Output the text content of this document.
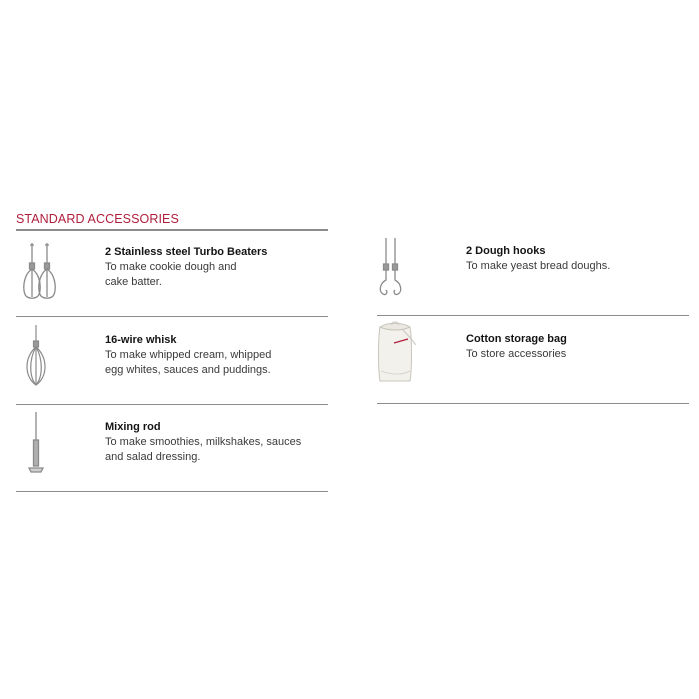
STANDARD ACCESSORIES
2 Stainless steel Turbo Beaters
To make cookie dough and
cake batter.
16-wire whisk
To make whipped cream, whipped
egg whites, sauces and puddings.
Mixing rod
To make smoothies, milkshakes, sauces
and salad dressing.
2 Dough hooks
To make yeast bread doughs.
Cotton storage bag
To store accessories
